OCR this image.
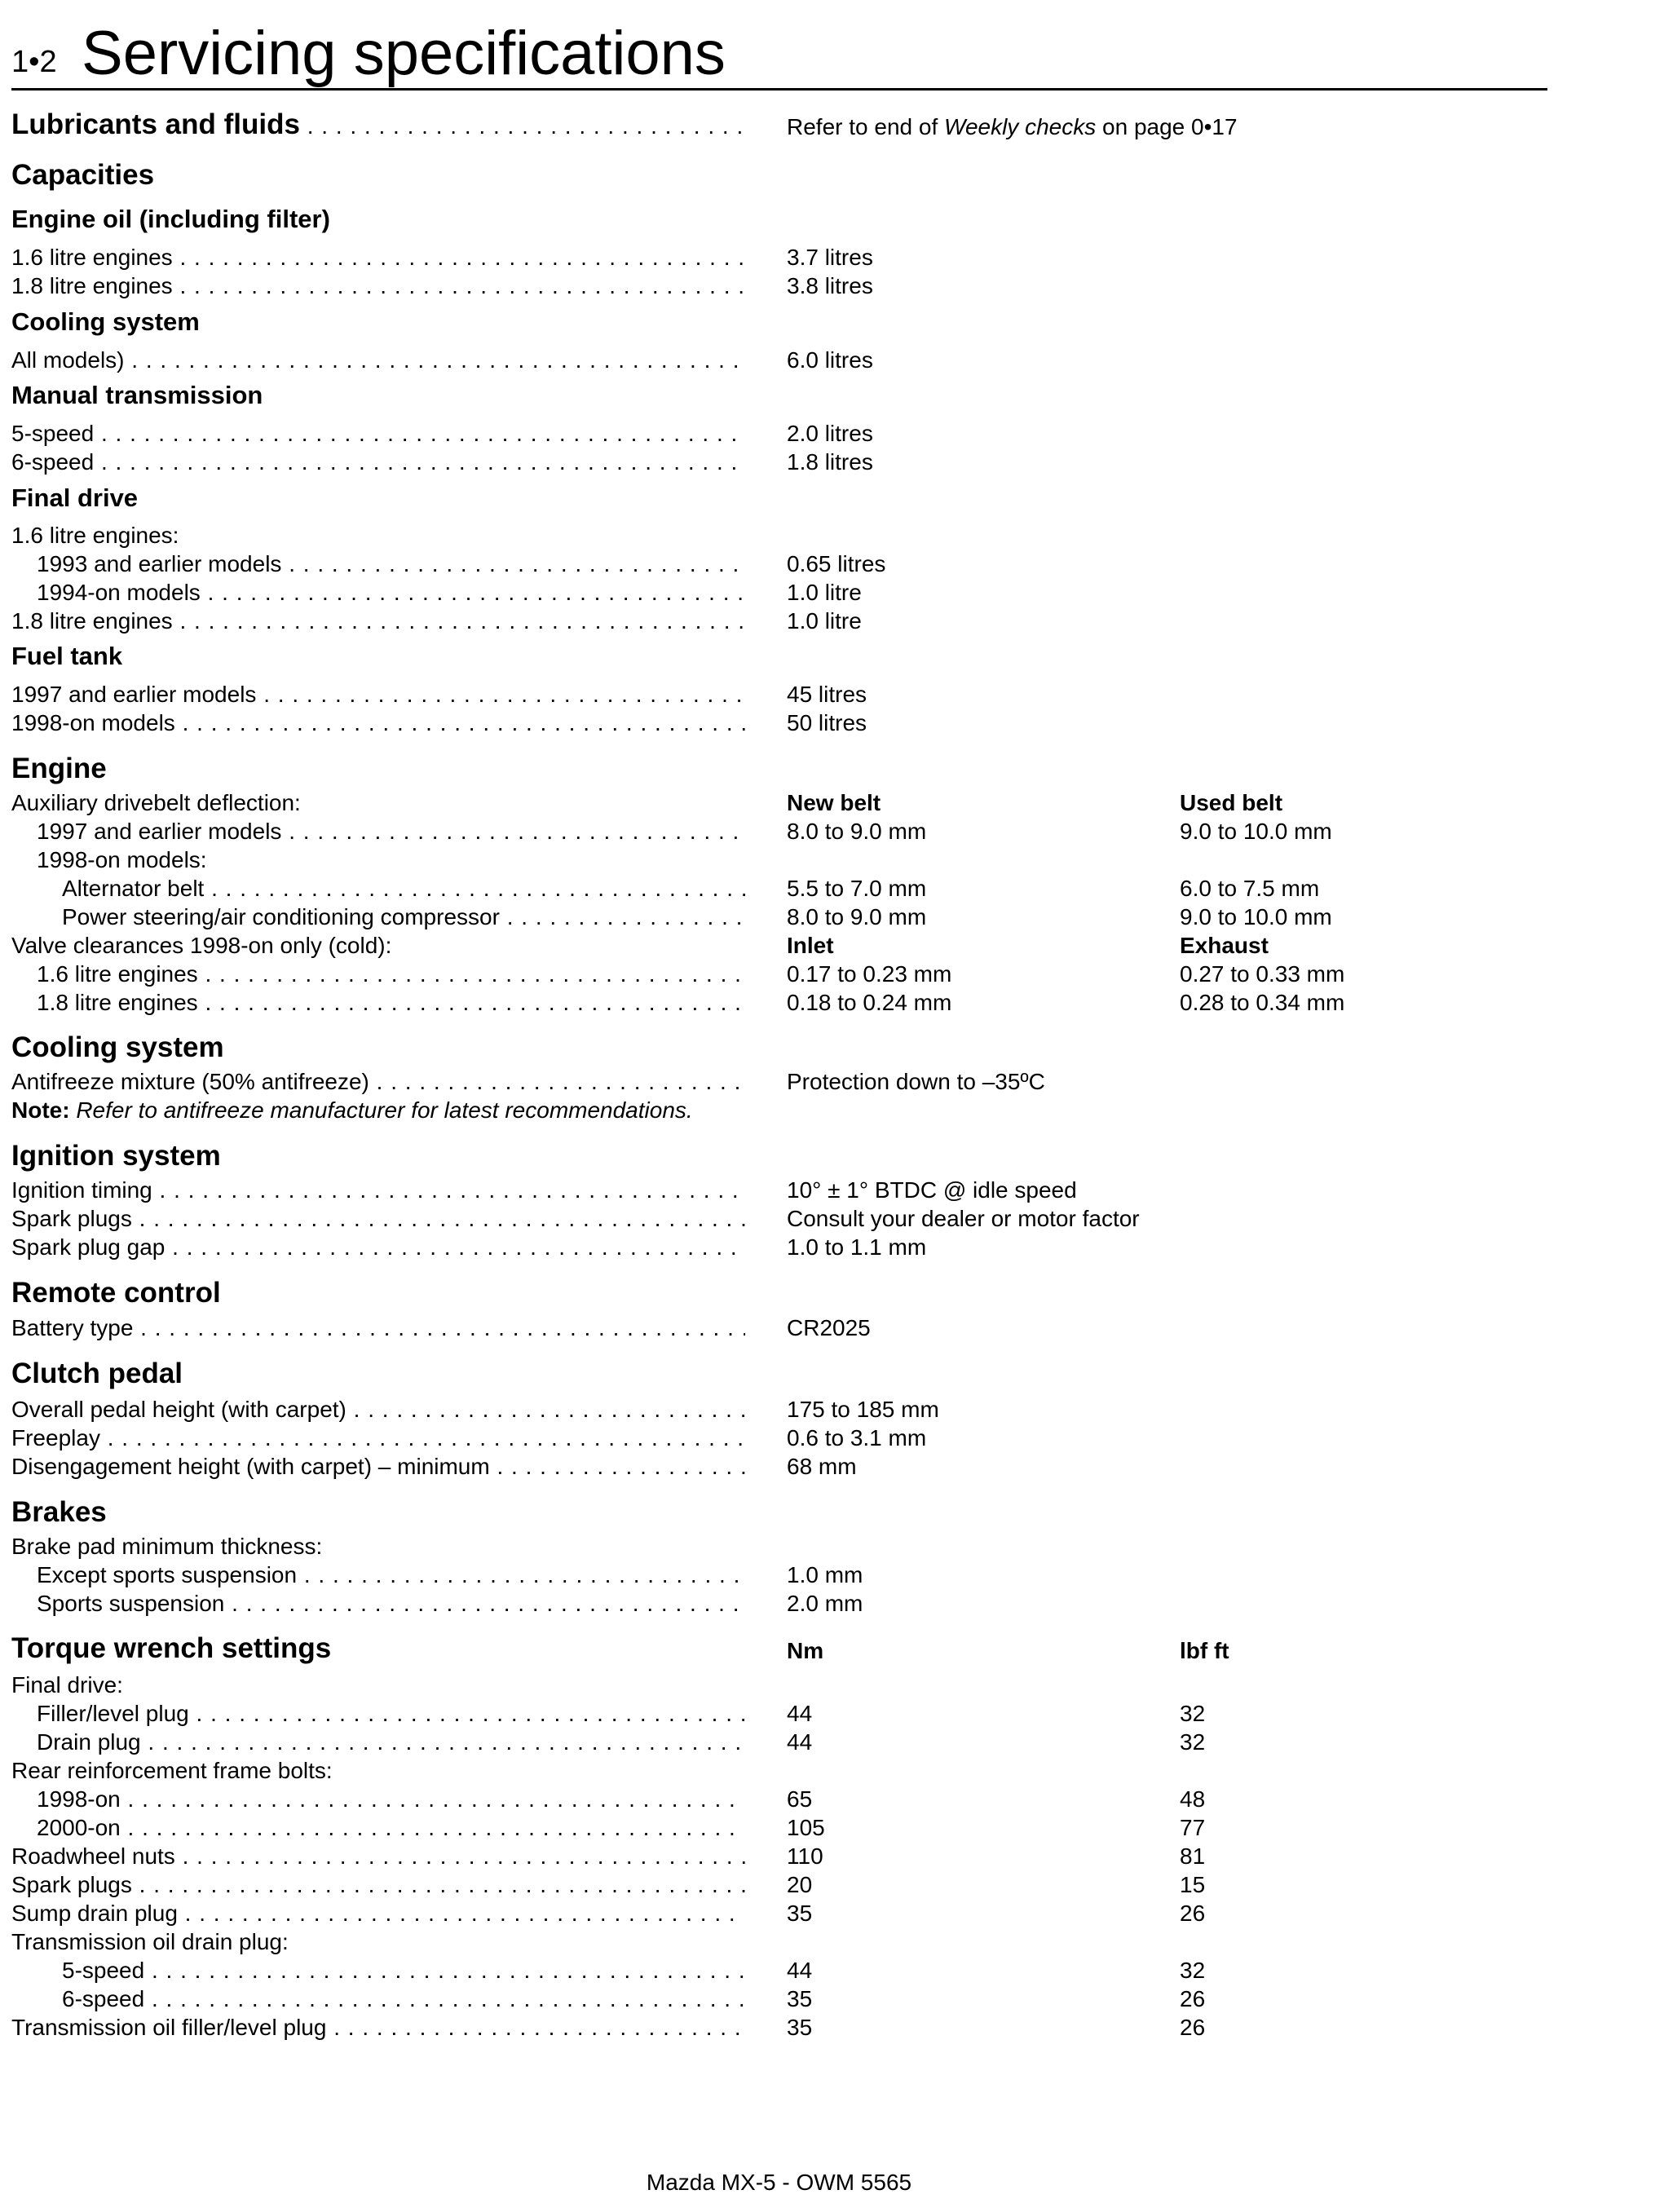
1•2 Servicing specifications
Lubricants and fluids . . .	Refer to end of Weekly checks on page 0•17
Capacities
Engine oil (including filter)
1.6 litre engines . . .	3.7 litres
1.8 litre engines . . .	3.8 litres
Cooling system
All models) . . .	6.0 litres
Manual transmission
5-speed . . .	2.0 litres
6-speed . . .	1.8 litres
Final drive
1.6 litre engines:
1993 and earlier models . . .	0.65 litres
1994-on models . . .	1.0 litre
1.8 litre engines . . .	1.0 litre
Fuel tank
1997 and earlier models . . .	45 litres
1998-on models . . .	50 litres
Engine
Auxiliary drivebelt deflection:	New belt	Used belt
1997 and earlier models . . .	8.0 to 9.0 mm	9.0 to 10.0 mm
1998-on models:
Alternator belt . . .	5.5 to 7.0 mm	6.0 to 7.5 mm
Power steering/air conditioning compressor . . .	8.0 to 9.0 mm	9.0 to 10.0 mm
Valve clearances 1998-on only (cold):	Inlet	Exhaust
1.6 litre engines . . .	0.17 to 0.23 mm	0.27 to 0.33 mm
1.8 litre engines . . .	0.18 to 0.24 mm	0.28 to 0.34 mm
Cooling system
Antifreeze mixture (50% antifreeze) . . .	Protection down to –35ºC
Note: Refer to antifreeze manufacturer for latest recommendations.
Ignition system
Ignition timing . . .	10° ± 1° BTDC @ idle speed
Spark plugs . . .	Consult your dealer or motor factor
Spark plug gap . . .	1.0 to 1.1 mm
Remote control
Battery type . . .	CR2025
Clutch pedal
Overall pedal height (with carpet) . . .	175 to 185 mm
Freeplay . . .	0.6 to 3.1 mm
Disengagement height (with carpet) – minimum . . .	68 mm
Brakes
Brake pad minimum thickness:
Except sports suspension . . .	1.0 mm
Sports suspension . . .	2.0 mm
Torque wrench settings	Nm	lbf ft
Final drive:
Filler/level plug . . .	44	32
Drain plug . . .	44	32
Rear reinforcement frame bolts:
1998-on . . .	65	48
2000-on . . .	105	77
Roadwheel nuts . . .	110	81
Spark plugs . . .	20	15
Sump drain plug . . .	35	26
Transmission oil drain plug:
5-speed . . .	44	32
6-speed . . .	35	26
Transmission oil filler/level plug . . .	35	26
Mazda MX-5 - OWM 5565
